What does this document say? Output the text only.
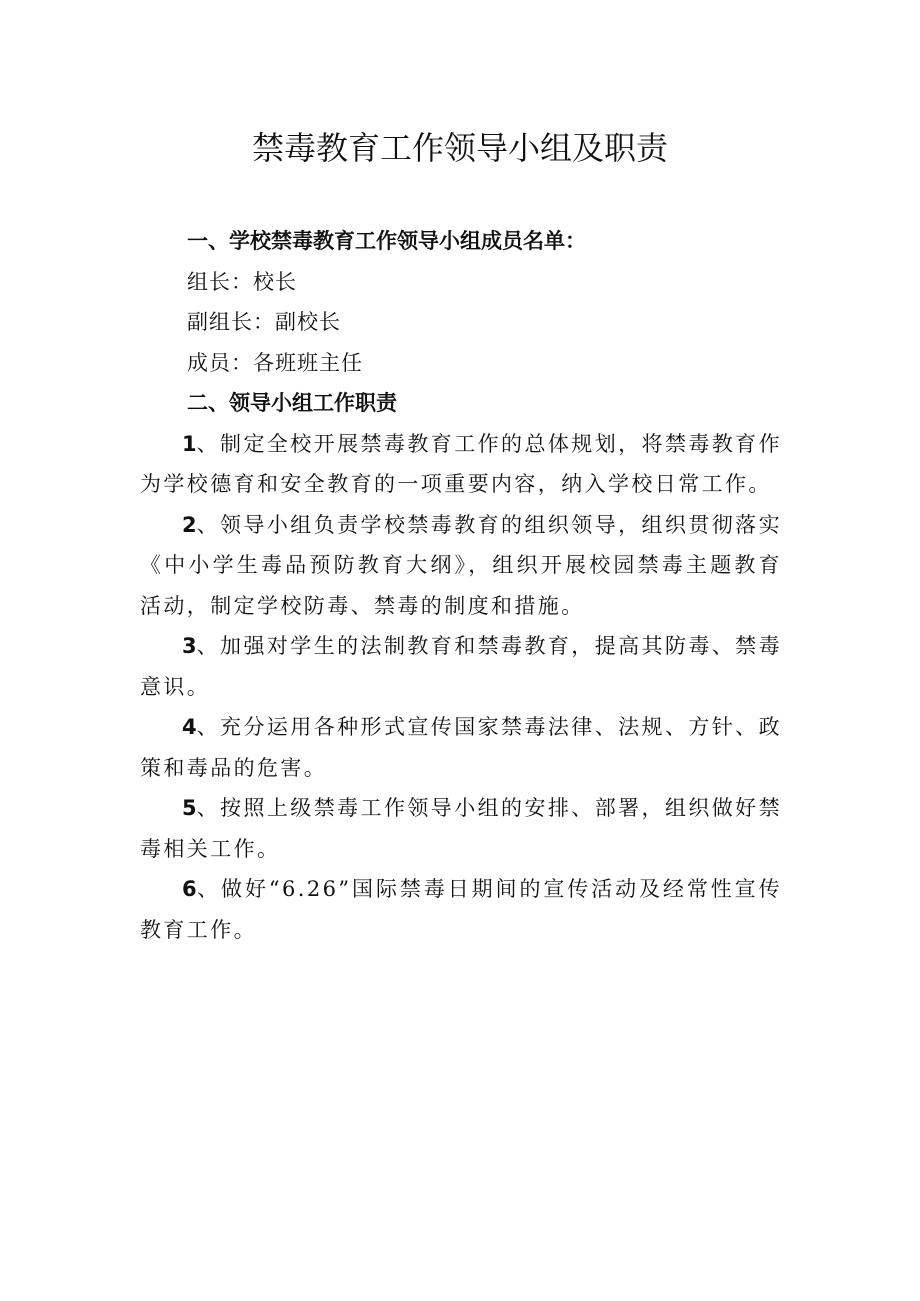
禁毒教育工作领导小组及职责

一、学校禁毒教育工作领导小组成员名单：

组长：校长

副组长：副校长

成员：各班班主任

二、领导小组工作职责

1、制定全校开展禁毒教育工作的总体规划，将禁毒教育作为学校德育和安全教育的一项重要内容，纳入学校日常工作。

2、领导小组负责学校禁毒教育的组织领导，组织贯彻落实《中小学生毒品预防教育大纲》，组织开展校园禁毒主题教育活动，制定学校防毒、禁毒的制度和措施。

3、加强对学生的法制教育和禁毒教育，提高其防毒、禁毒意识。

4、充分运用各种形式宣传国家禁毒法律、法规、方针、政策和毒品的危害。

5、按照上级禁毒工作领导小组的安排、部署，组织做好禁毒相关工作。

6、做好“6.26”国际禁毒日期间的宣传活动及经常性宣传教育工作。
